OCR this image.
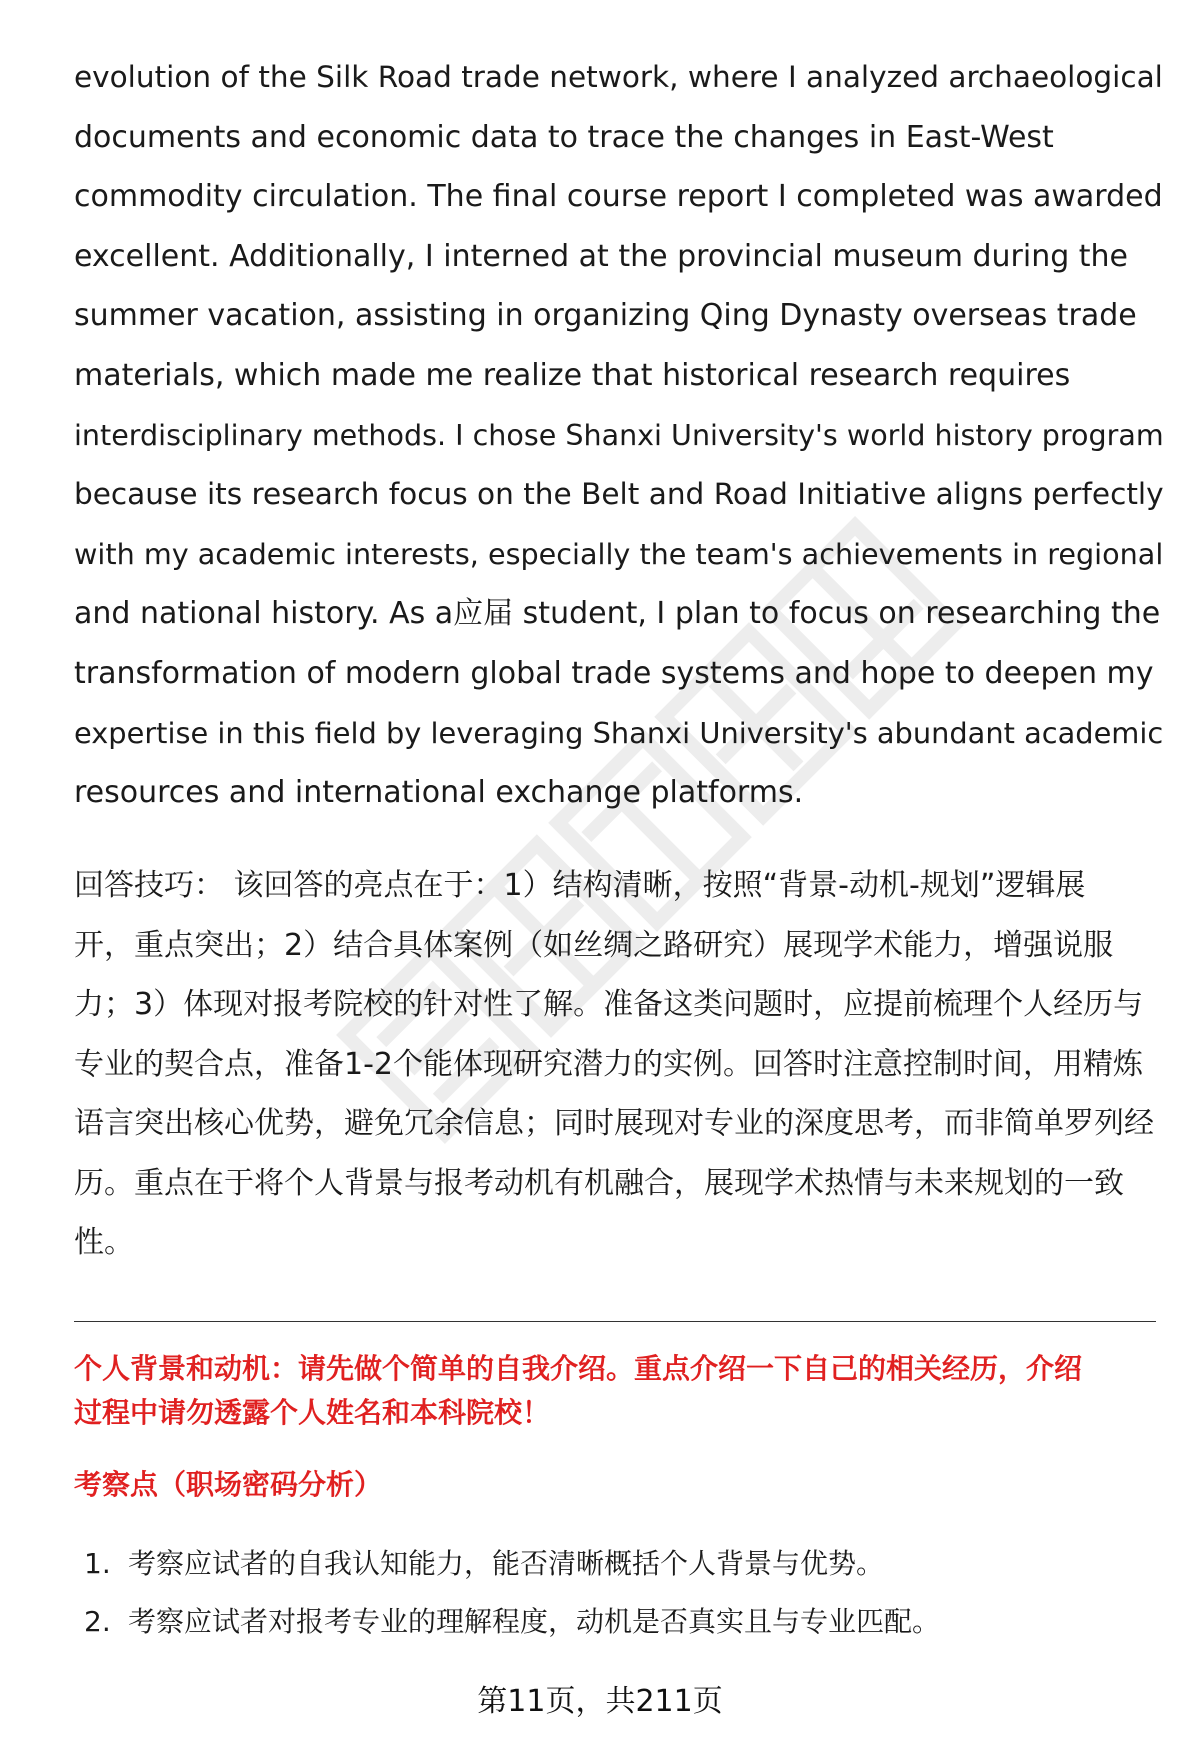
evolution of the Silk Road trade network, where I analyzed archaeological
documents and economic data to trace the changes in East-West
commodity circulation. The final course report I completed was awarded
excellent. Additionally, I interned at the provincial museum during the
summer vacation, assisting in organizing Qing Dynasty overseas trade
materials, which made me realize that historical research requires
interdisciplinary methods. I chose Shanxi University's world history program
because its research focus on the Belt and Road Initiative aligns perfectly
with my academic interests, especially the team's achievements in regional
and national history. As a应届 student, I plan to focus on researching the
transformation of modern global trade systems and hope to deepen my
expertise in this field by leveraging Shanxi University's abundant academic
resources and international exchange platforms.

回答技巧： 该回答的亮点在于：1）结构清晰，按照“背景-动机-规划”逻辑展
开，重点突出；2）结合具体案例（如丝绸之路研究）展现学术能力，增强说服
力；3）体现对报考院校的针对性了解。准备这类问题时，应提前梳理个人经历与
专业的契合点，准备1-2个能体现研究潜力的实例。回答时注意控制时间，用精炼
语言突出核心优势，避免冗余信息；同时展现对专业的深度思考，而非简单罗列经
历。重点在于将个人背景与报考动机有机融合，展现学术热情与未来规划的一致
性。

个人背景和动机：请先做个简单的自我介绍。重点介绍一下自己的相关经历，介绍
过程中请勿透露个人姓名和本科院校！

考察点（职场密码分析）

1. 考察应试者的自我认知能力，能否清晰概括个人背景与优势。
2. 考察应试者对报考专业的理解程度，动机是否真实且与专业匹配。
第11页，共211页
